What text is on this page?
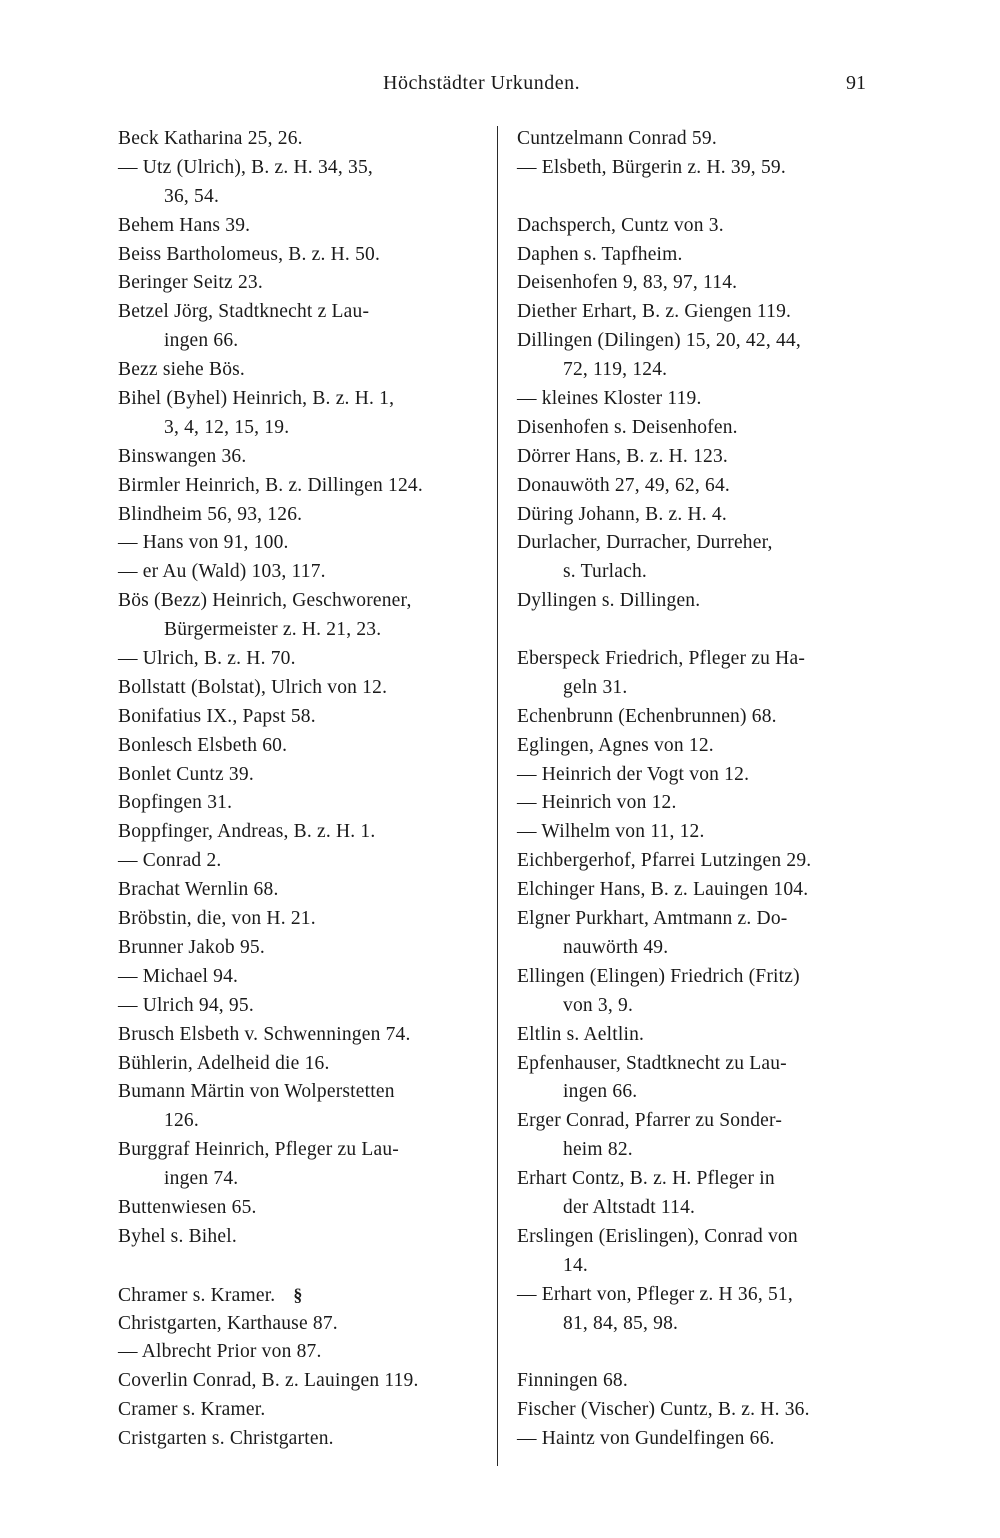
Höchstädter Urkunden.	91
Beck Katharina 25, 26.
— Utz (Ulrich), B. z. H. 34, 35,
36, 54.
Behem Hans 39.
Beiss Bartholomeus, B. z. H. 50.
Beringer Seitz 23.
Betzel Jörg, Stadtknecht z Lau-
ingen 66.
Bezz siehe Bös.
Bihel (Byhel) Heinrich, B. z. H. 1,
3, 4, 12, 15, 19.
Binswangen 36.
Birmler Heinrich, B. z. Dillingen 124.
Blindheim 56, 93, 126.
— Hans von 91, 100.
— er Au (Wald) 103, 117.
Bös (Bezz) Heinrich, Geschworener,
Bürgermeister z. H. 21, 23.
— Ulrich, B. z. H. 70.
Bollstatt (Bolstat), Ulrich von 12.
Bonifatius IX., Papst 58.
Bonlesch Elsbeth 60.
Bonlet Cuntz 39.
Bopfingen 31.
Boppfinger, Andreas, B. z. H. 1.
— Conrad 2.
Brachat Wernlin 68.
Bröbstin, die, von H. 21.
Brunner Jakob 95.
— Michael 94.
— Ulrich 94, 95.
Brusch Elsbeth v. Schwenningen 74.
Bühlerin, Adelheid die 16.
Bumann Märtin von Wolperstetten
126.
Burggraf Heinrich, Pfleger zu Lau-
ingen 74.
Buttenwiesen 65.
Byhel s. Bihel.
Chramer s. Kramer. §
Christgarten, Karthause 87.
— Albrecht Prior von 87.
Coverlin Conrad, B. z. Lauingen 119.
Cramer s. Kramer.
Cristgarten s. Christgarten.
Cuntzelmann Conrad 59.
— Elsbeth, Bürgerin z. H. 39, 59.
Dachsperch, Cuntz von 3.
Daphen s. Tapfheim.
Deisenhofen 9, 83, 97, 114.
Diether Erhart, B. z. Giengen 119.
Dillingen (Dilingen) 15, 20, 42, 44,
72, 119, 124.
— kleines Kloster 119.
Disenhofen s. Deisenhofen.
Dörrer Hans, B. z. H. 123.
Donauwöth 27, 49, 62, 64.
Düring Johann, B. z. H. 4.
Durlacher, Durracher, Durreher,
s. Turlach.
Dyllingen s. Dillingen.
Eberspeck Friedrich, Pfleger zu Ha-
geln 31.
Echenbrunn (Echenbrunnen) 68.
Eglingen, Agnes von 12.
— Heinrich der Vogt von 12.
— Heinrich von 12.
— Wilhelm von 11, 12.
Eichbergerhof, Pfarrei Lutzingen 29.
Elchinger Hans, B. z. Lauingen 104.
Elgner Purkhart, Amtmann z. Do-
nauwörth 49.
Ellingen (Elingen) Friedrich (Fritz)
von 3, 9.
Eltlin s. Aeltlin.
Epfenhauser, Stadtknecht zu Lau-
ingen 66.
Erger Conrad, Pfarrer zu Sonder-
heim 82.
Erhart Contz, B. z. H. Pfleger in
der Altstadt 114.
Erslingen (Erislingen), Conrad von
14.
— Erhart von, Pfleger z. H 36, 51,
81, 84, 85, 98.
Finningen 68.
Fischer (Vischer) Cuntz, B. z. H. 36.
— Haintz von Gundelfingen 66.
